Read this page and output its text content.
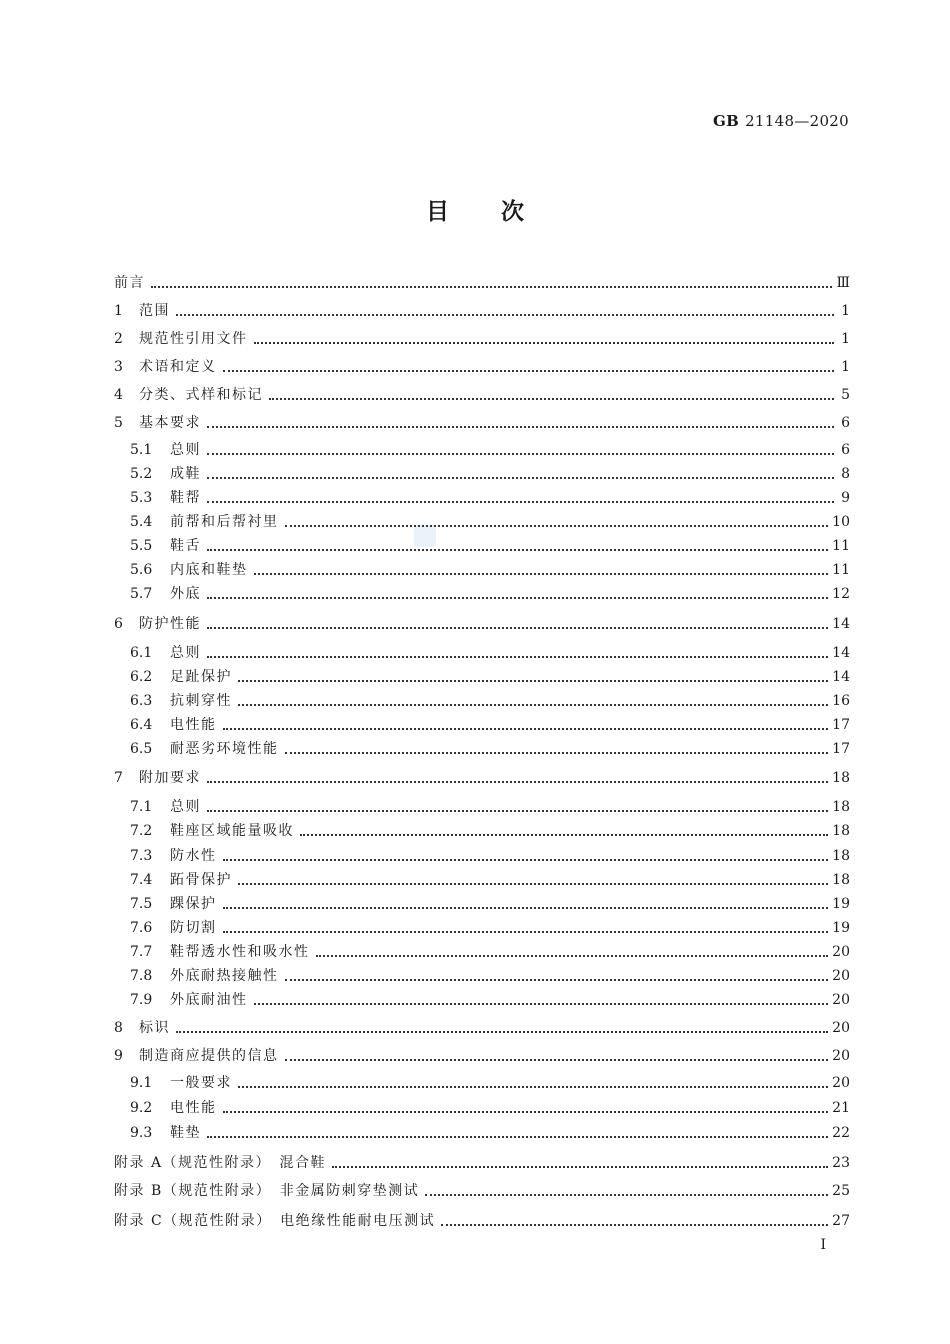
GB 21148—2020
目次
前言	Ⅲ
1	范围	1
2	规范性引用文件	1
3	术语和定义	1
4	分类、式样和标记	5
5	基本要求	6
5.1	总则	6
5.2	成鞋	8
5.3	鞋帮	9
5.4	前帮和后帮衬里	10
5.5	鞋舌	11
5.6	内底和鞋垫	11
5.7	外底	12
6	防护性能	14
6.1	总则	14
6.2	足趾保护	14
6.3	抗刺穿性	16
6.4	电性能	17
6.5	耐恶劣环境性能	17
7	附加要求	18
7.1	总则	18
7.2	鞋座区域能量吸收	18
7.3	防水性	18
7.4	跖骨保护	18
7.5	踝保护	19
7.6	防切割	19
7.7	鞋帮透水性和吸水性	20
7.8	外底耐热接触性	20
7.9	外底耐油性	20
8	标识	20
9	制造商应提供的信息	20
9.1	一般要求	20
9.2	电性能	21
9.3	鞋垫	22
附录 A（规范性附录）　混合鞋	23
附录 B（规范性附录）　非金属防刺穿垫测试	25
附录 C（规范性附录）　电绝缘性能耐电压测试	27
I
